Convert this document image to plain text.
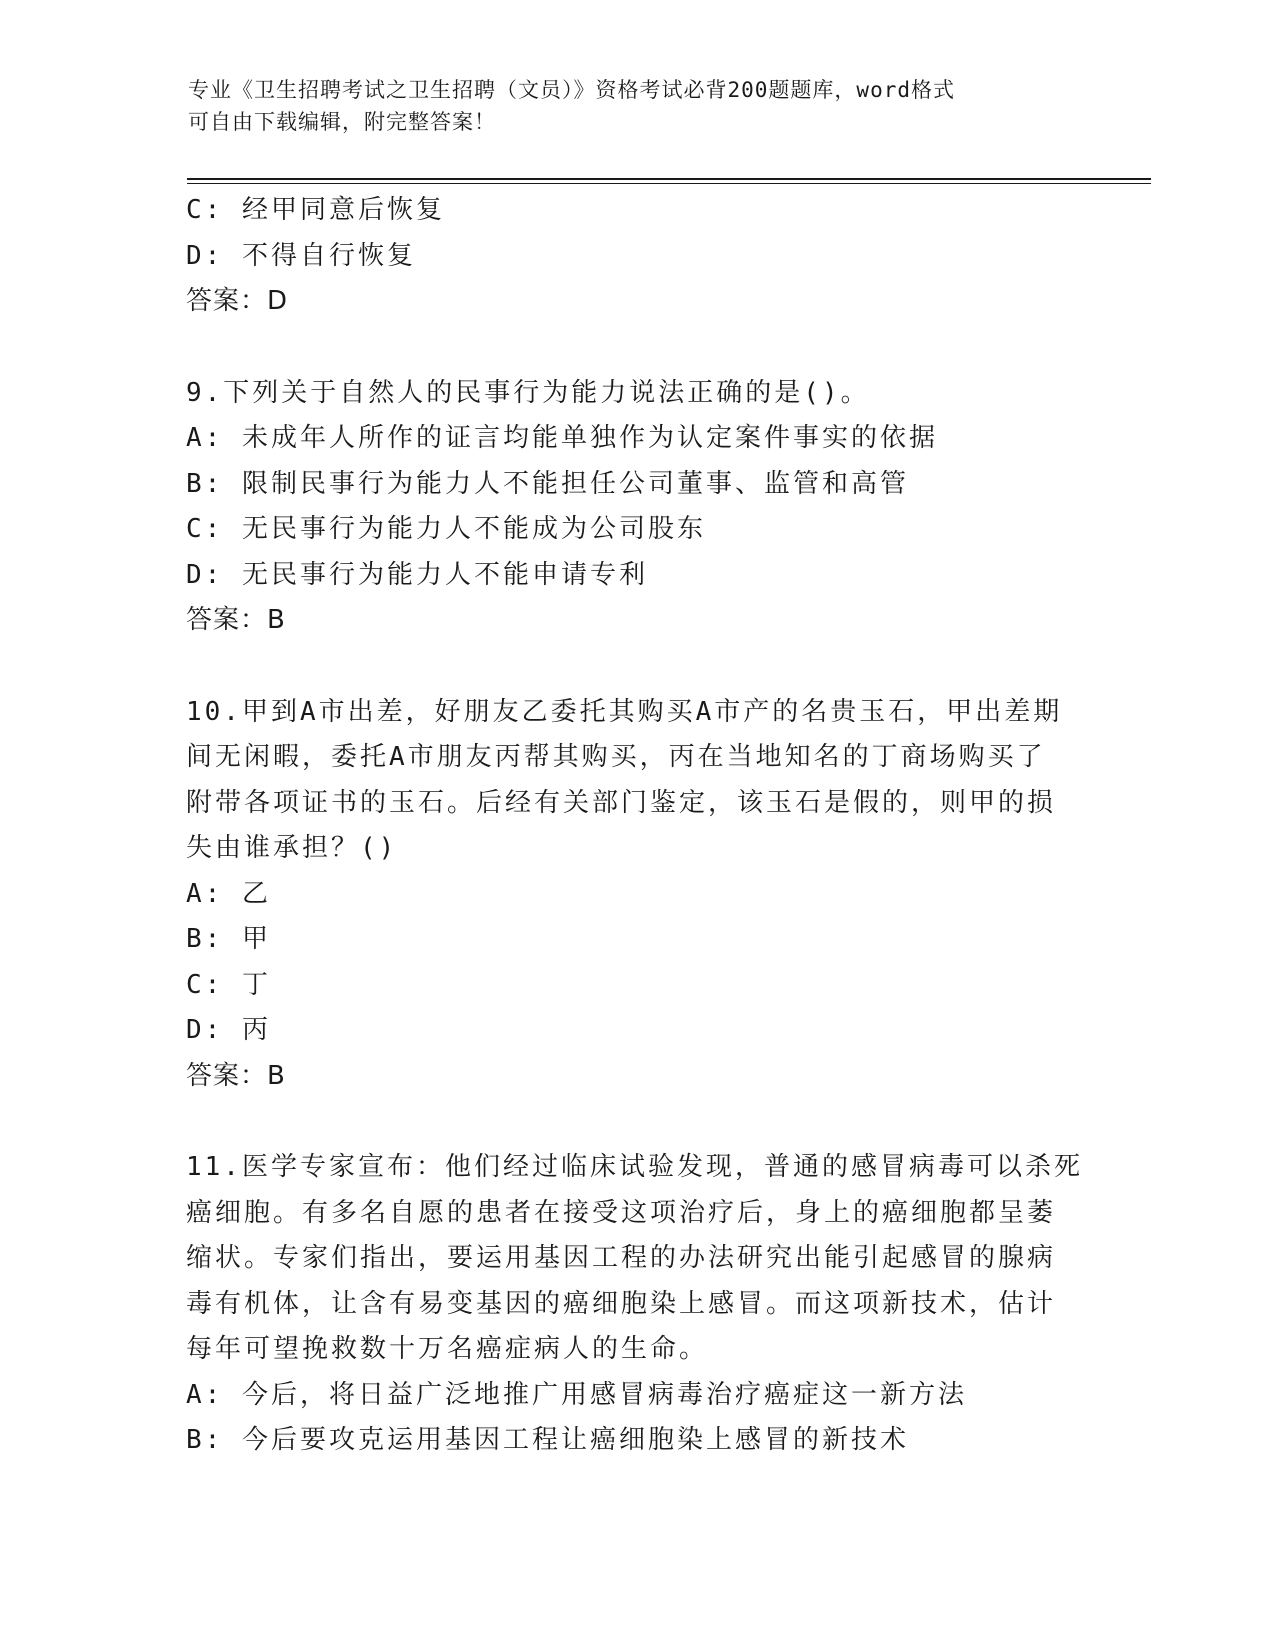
专业《卫生招聘考试之卫生招聘（文员）》资格考试必背200题题库，word格式
可自由下载编辑，附完整答案！
C: 经甲同意后恢复
D: 不得自行恢复
答案：D
9.下列关于自然人的民事行为能力说法正确的是()。
A: 未成年人所作的证言均能单独作为认定案件事实的依据
B: 限制民事行为能力人不能担任公司董事、监管和高管
C: 无民事行为能力人不能成为公司股东
D: 无民事行为能力人不能申请专利
答案：B
10.甲到A市出差，好朋友乙委托其购买A市产的名贵玉石，甲出差期
间无闲暇，委托A市朋友丙帮其购买，丙在当地知名的丁商场购买了
附带各项证书的玉石。后经有关部门鉴定，该玉石是假的，则甲的损
失由谁承担？()
A: 乙
B: 甲
C: 丁
D: 丙
答案：B
11.医学专家宣布：他们经过临床试验发现，普通的感冒病毒可以杀死
癌细胞。有多名自愿的患者在接受这项治疗后，身上的癌细胞都呈萎
缩状。专家们指出，要运用基因工程的办法研究出能引起感冒的腺病
毒有机体，让含有易变基因的癌细胞染上感冒。而这项新技术，估计
每年可望挽救数十万名癌症病人的生命。
A: 今后，将日益广泛地推广用感冒病毒治疗癌症这一新方法
B: 今后要攻克运用基因工程让癌细胞染上感冒的新技术
